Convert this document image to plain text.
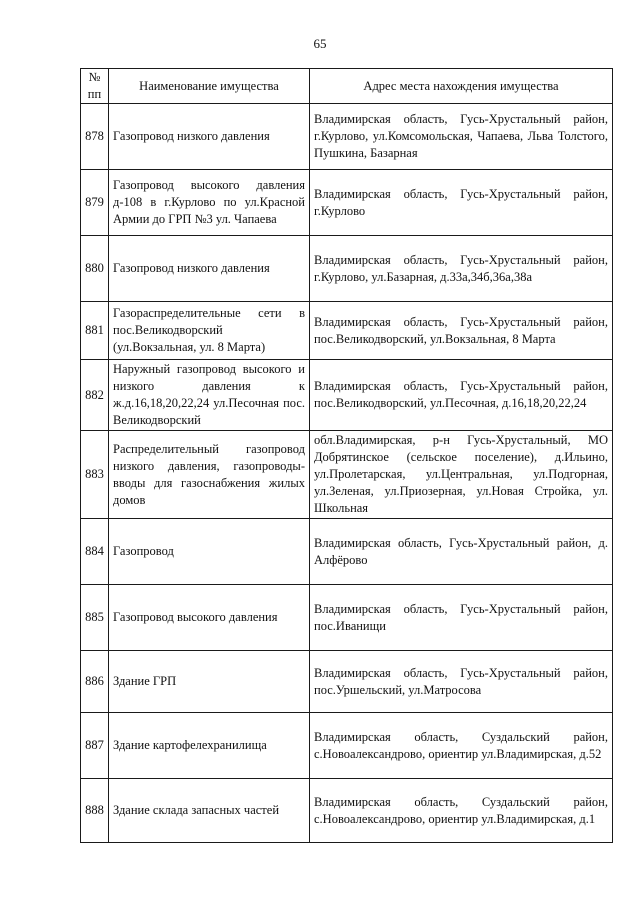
65
№ пп	Наименование имущества	Адрес места нахождения имущества
878	Газопровод низкого давления	Владимирская область, Гусь-Хрустальный район, г.Курлово, ул.Комсомольская, Чапаева, Льва Толстого, Пушкина, Базарная
879	Газопровод высокого давления д-108 в г.Курлово по ул.Красной Армии до ГРП №3 ул. Чапаева	Владимирская область, Гусь-Хрустальный район, г.Курлово
880	Газопровод низкого давления	Владимирская область, Гусь-Хрустальный район, г.Курлово, ул.Базарная, д.33а,34б,36а,38а
881	Газораспределительные сети в пос.Великодворский (ул.Вокзальная, ул. 8 Марта)	Владимирская область, Гусь-Хрустальный район, пос.Великодворский, ул.Вокзальная, 8 Марта
882	Наружный газопровод высокого и низкого давления к ж.д.16,18,20,22,24 ул.Песочная пос. Великодворский	Владимирская область, Гусь-Хрустальный район, пос.Великодворский, ул.Песочная, д.16,18,20,22,24
883	Распределительный газопровод низкого давления, газопроводы-вводы для газоснабжения жилых домов	обл.Владимирская, р-н Гусь-Хрустальный, МО Добрятинское (сельское поселение), д.Ильино, ул.Пролетарская, ул.Центральная, ул.Подгорная, ул.Зеленая, ул.Приозерная, ул.Новая Стройка, ул. Школьная
884	Газопровод	Владимирская область, Гусь-Хрустальный район, д. Алфёрово
885	Газопровод высокого давления	Владимирская область, Гусь-Хрустальный район, пос.Иванищи
886	Здание ГРП	Владимирская область, Гусь-Хрустальный район, пос.Уршельский, ул.Матросова
887	Здание картофелехранилища	Владимирская область, Суздальский район, с.Новоалександрово, ориентир ул.Владимирская, д.52
888	Здание склада запасных частей	Владимирская область, Суздальский район, с.Новоалександрово, ориентир ул.Владимирская, д.1
